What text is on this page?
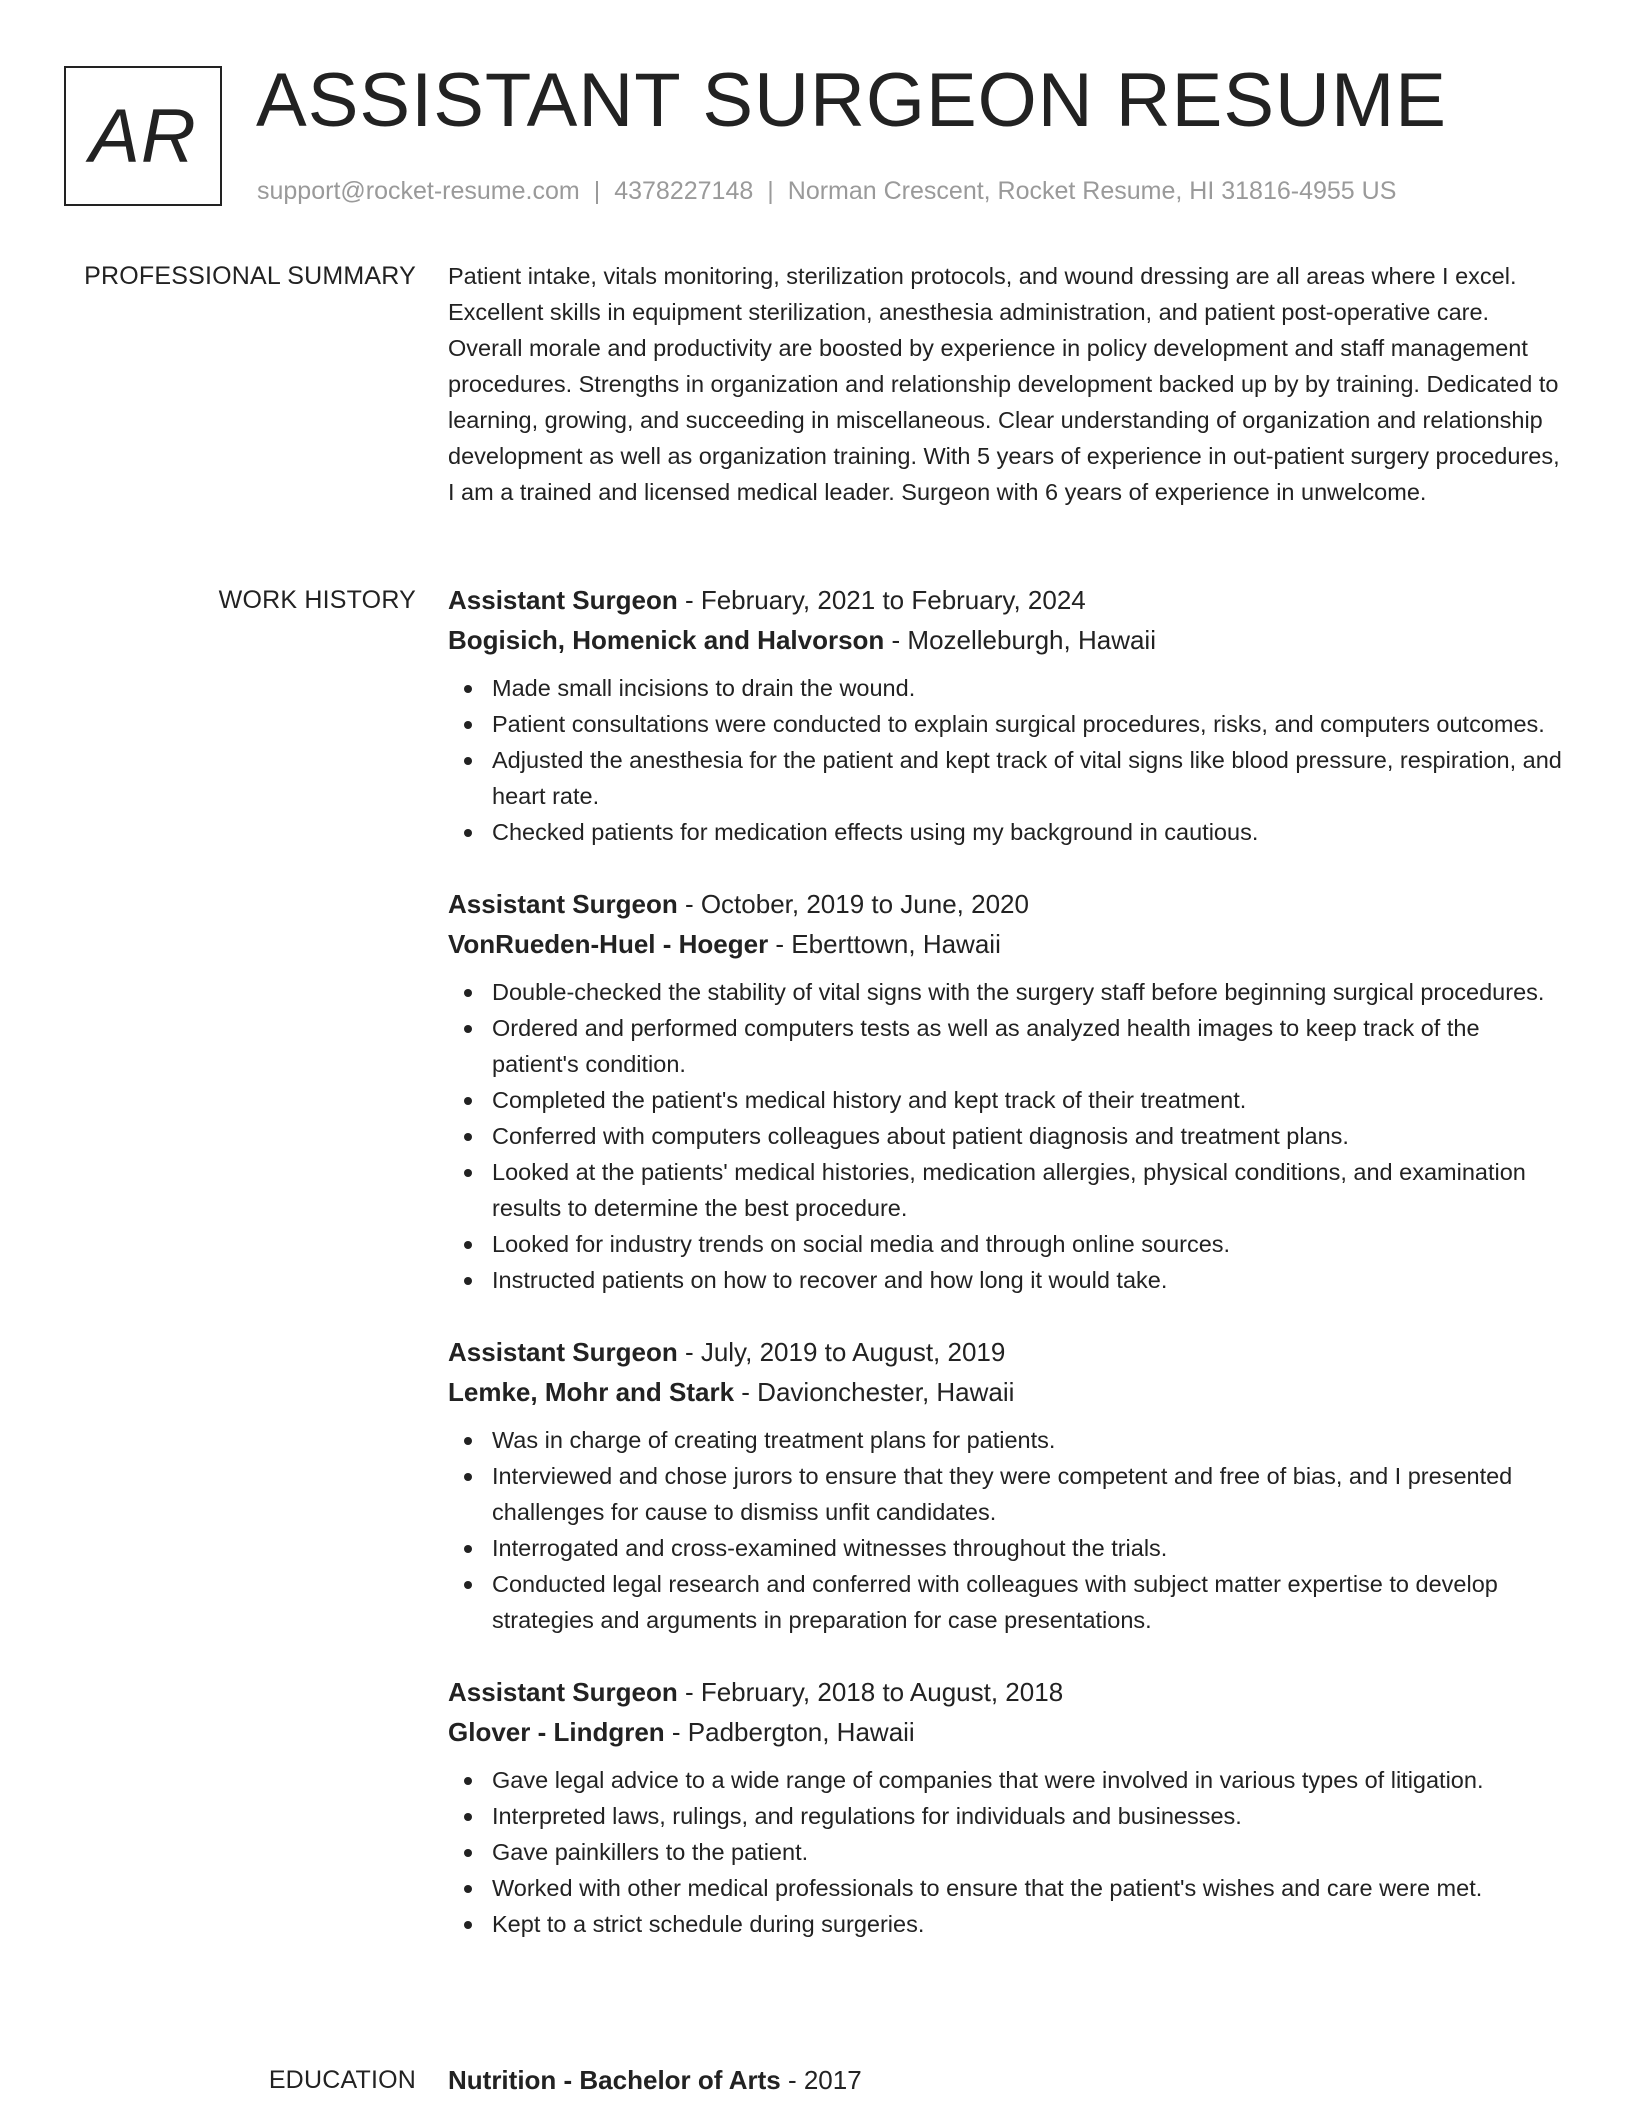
AR ASSISTANT SURGEON RESUME
support@rocket-resume.com | 4378227148 | Norman Crescent, Rocket Resume, HI 31816-4955 US
PROFESSIONAL SUMMARY Patient intake, vitals monitoring, sterilization protocols, and wound dressing are all areas where I excel. Excellent skills in equipment sterilization, anesthesia administration, and patient post-operative care. Overall morale and productivity are boosted by experience in policy development and staff management procedures. Strengths in organization and relationship development backed up by by training. Dedicated to learning, growing, and succeeding in miscellaneous. Clear understanding of organization and relationship development as well as organization training. With 5 years of experience in out-patient surgery procedures, I am a trained and licensed medical leader. Surgeon with 6 years of experience in unwelcome.

WORK HISTORY Assistant Surgeon - February, 2021 to February, 2024

Bogisich, Homenick and Halvorson - Mozelleburgh, Hawaii

Made small incisions to drain the wound.
Patient consultations were conducted to explain surgical procedures, risks, and computers outcomes.
Adjusted the anesthesia for the patient and kept track of vital signs like blood pressure, respiration, and heart rate.
Checked patients for medication effects using my background in cautious.

Assistant Surgeon - October, 2019 to June, 2020

VonRueden-Huel - Hoeger - Eberttown, Hawaii

Double-checked the stability of vital signs with the surgery staff before beginning surgical procedures.
Ordered and performed computers tests as well as analyzed health images to keep track of the patient's condition.
Completed the patient's medical history and kept track of their treatment.
Conferred with computers colleagues about patient diagnosis and treatment plans.
Looked at the patients' medical histories, medication allergies, physical conditions, and examination results to determine the best procedure.
Looked for industry trends on social media and through online sources.
Instructed patients on how to recover and how long it would take.

Assistant Surgeon - July, 2019 to August, 2019

Lemke, Mohr and Stark - Davionchester, Hawaii

Was in charge of creating treatment plans for patients.
Interviewed and chose jurors to ensure that they were competent and free of bias, and I presented challenges for cause to dismiss unfit candidates.
Interrogated and cross-examined witnesses throughout the trials.
Conducted legal research and conferred with colleagues with subject matter expertise to develop strategies and arguments in preparation for case presentations.

Assistant Surgeon - February, 2018 to August, 2018

Glover - Lindgren - Padbergton, Hawaii

Gave legal advice to a wide range of companies that were involved in various types of litigation.
Interpreted laws, rulings, and regulations for individuals and businesses.
Gave painkillers to the patient.
Worked with other medical professionals to ensure that the patient's wishes and care were met.
Kept to a strict schedule during surgeries.
EDUCATION Nutrition - Bachelor of Arts - 2017
